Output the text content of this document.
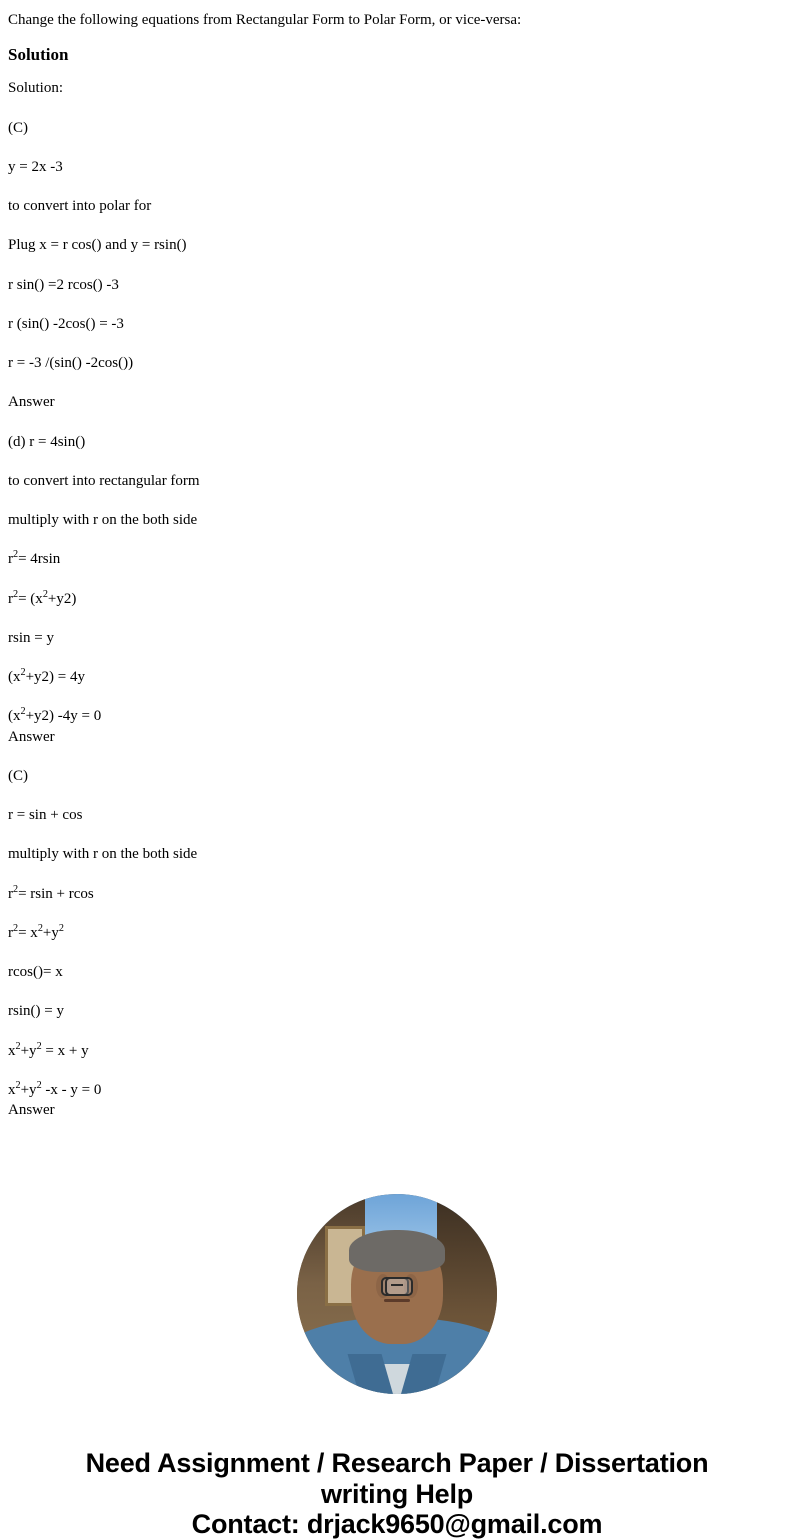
Change the following equations from Rectangular Form to Polar Form, or vice-versa:
Solution
Solution:
(C)
y = 2x -3
to convert into polar for
Plug x = r cos() and y = rsin()
r sin() =2 rcos() -3
r (sin() -2cos() = -3
r = -3 /(sin() -2cos())
Answer
(d) r = 4sin()
to convert into rectangular form
multiply with r on the both side
$r^2= 4rsin$
$r^2= (x^2+y2)$
rsin = y
$(x^2+y2) = 4y$
$(x^2+y2) -4y = 0$
Answer
(C)
r = sin + cos
multiply with r on the both side
$r^2= rsin + rcos$
$r^2= x^2+y^2$
rcos()= x
rsin() = y
$x^2+y^2 = x + y$
$x^2+y^2$ -x - y = 0
Answer
Need Assignment / Research Paper / Dissertation
writing Help
Contact: drjack9650@gmail.com
